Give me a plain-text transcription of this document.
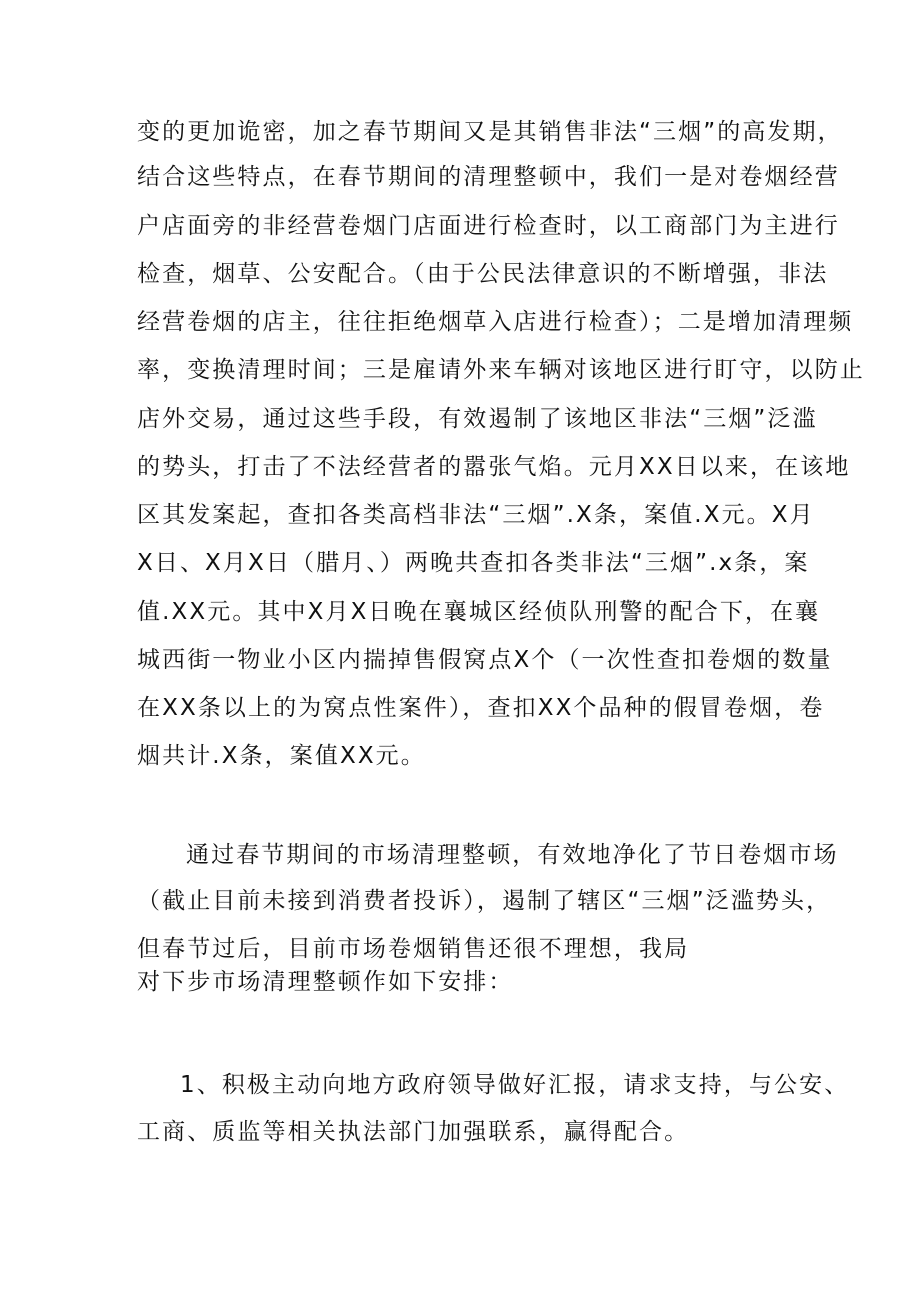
变的更加诡密，加之春节期间又是其销售非法“三烟”的高发期，
结合这些特点，在春节期间的清理整顿中，我们一是对卷烟经营
户店面旁的非经营卷烟门店面进行检查时，以工商部门为主进行
检查，烟草、公安配合。（由于公民法律意识的不断增强，非法
经营卷烟的店主，往往拒绝烟草入店进行检查）；二是增加清理频
率，变换清理时间；三是雇请外来车辆对该地区进行盯守，以防止
店外交易，通过这些手段，有效遏制了该地区非法“三烟”泛滥
的势头，打击了不法经营者的嚣张气焰。元月XX日以来，在该地
区其发案起，查扣各类高档非法“三烟”.X条，案值.X元。X月
X日、X月X日（腊月、）两晚共查扣各类非法“三烟”.x条，案
值.XX元。其中X月X日晚在襄城区经侦队刑警的配合下，在襄
城西街一物业小区内揣掉售假窝点X个（一次性查扣卷烟的数量
在XX条以上的为窝点性案件），查扣XX个品种的假冒卷烟，卷
烟共计.X条，案值XX元。
通过春节期间的市场清理整顿，有效地净化了节日卷烟市场
（截止目前未接到消费者投诉），遏制了辖区“三烟”泛滥势头，
但春节过后，目前市场卷烟销售还很不理想，我局
对下步市场清理整顿作如下安排：
1、积极主动向地方政府领导做好汇报，请求支持，与公安、
工商、质监等相关执法部门加强联系，赢得配合。
